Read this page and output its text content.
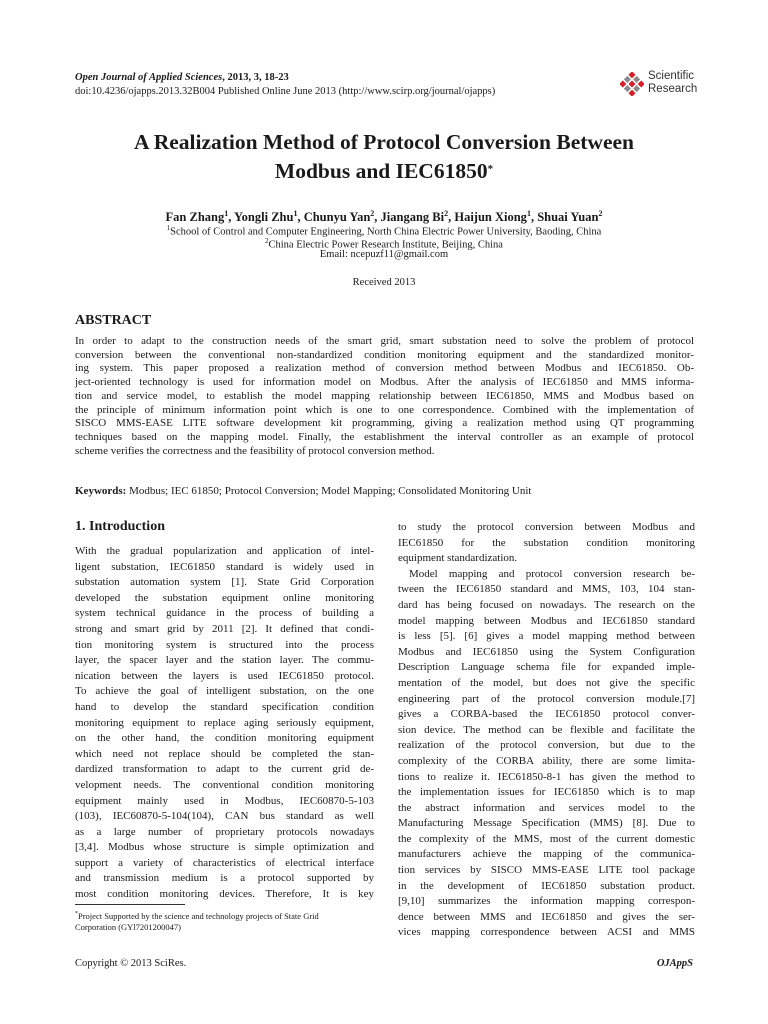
Open Journal of Applied Sciences, 2013, 3, 18-23
doi:10.4236/ojapps.2013.32B004 Published Online June 2013 (http://www.scirp.org/journal/ojapps)
Scientific
Research
A Realization Method of Protocol Conversion Between
Modbus and IEC61850*
Fan Zhang$^1$, Yongli Zhu$^1$, Chunyu Yan$^2$, Jiangang Bi$^2$, Haijun Xiong$^1$, Shuai Yuan$^2$
$^1$School of Control and Computer Engineering, North China Electric Power University, Baoding, China
$^2$China Electric Power Research Institute, Beijing, China
Email: ncepuzf11@gmail.com
Received 2013
ABSTRACT
In order to adapt to the construction needs of the smart grid, smart substation need to solve the problem of protocol
conversion between the conventional non-standardized condition monitoring equipment and the standardized monitor-
ing system. This paper proposed a realization method of conversion method between Modbus and IEC61850. Ob-
ject-oriented technology is used for information model on Modbus. After the analysis of IEC61850 and MMS informa-
tion and service model, to establish the model mapping relationship between IEC61850, MMS and Modbus based on
the principle of minimum information point which is one to one correspondence. Combined with the implementation of
SISCO MMS-EASE LITE software development kit programming, giving a realization method using QT programming
techniques based on the mapping model. Finally, the establishment the interval controller as an example of protocol
scheme verifies the correctness and the feasibility of protocol conversion method.
Keywords: Modbus; IEC 61850; Protocol Conversion; Model Mapping; Consolidated Monitoring Unit
1. Introduction
With the gradual popularization and application of intel-
ligent substation, IEC61850 standard is widely used in
substation automation system [1]. State Grid Corporation
developed the substation equipment online monitoring
system technical guidance in the process of building a
strong and smart grid by 2011 [2]. It defined that condi-
tion monitoring system is structured into the process
layer, the spacer layer and the station layer. The commu-
nication between the layers is used IEC61850 protocol.
To achieve the goal of intelligent substation, on the one
hand to develop the standard specification condition
monitoring equipment to replace aging seriously equipment,
on the other hand, the condition monitoring equipment
which need not replace should be completed the stan-
dardized transformation to adapt to the current grid de-
velopment needs. The conventional condition monitoring
equipment mainly used in Modbus, IEC60870-5-103
(103), IEC60870-5-104(104), CAN bus standard as well
as a large number of proprietary protocols nowadays
[3,4]. Modbus whose structure is simple optimization and
support a variety of characteristics of electrical interface
and transmission medium is a protocol supported by
most condition monitoring devices. Therefore, It is key
to study the protocol conversion between Modbus and
IEC61850 for the substation condition monitoring
equipment standardization.
Model mapping and protocol conversion research be-
tween the IEC61850 standard and MMS, 103, 104 stan-
dard has being focused on nowadays. The research on the
model mapping between Modbus and IEC61850 standard
is less [5]. [6] gives a model mapping method between
Modbus and IEC61850 using the System Configuration
Description Language schema file for expanded imple-
mentation of the model, but does not give the specific
engineering part of the protocol conversion module.[7]
gives a CORBA-based the IEC61850 protocol conver-
sion device. The method can be flexible and facilitate the
realization of the protocol conversion, but due to the
complexity of the CORBA ability, there are some limita-
tions to realize it. IEC61850-8-1 has given the method to
the implementation issues for IEC61850 which is to map
the abstract information and services model to the
Manufacturing Message Specification (MMS) [8]. Due to
the complexity of the MMS, most of the current domestic
manufacturers achieve the mapping of the communica-
tion services by SISCO MMS-EASE LITE tool package
in the development of IEC61850 substation product.
[9,10] summarizes the information mapping correspon-
dence between MMS and IEC61850 and gives the ser-
vices mapping correspondence between ACSI and MMS
*Project Supported by the science and technology projects of State Grid
Corporation (GYl7201200047)
Copyright © 2013 SciRes.	OJAppS
